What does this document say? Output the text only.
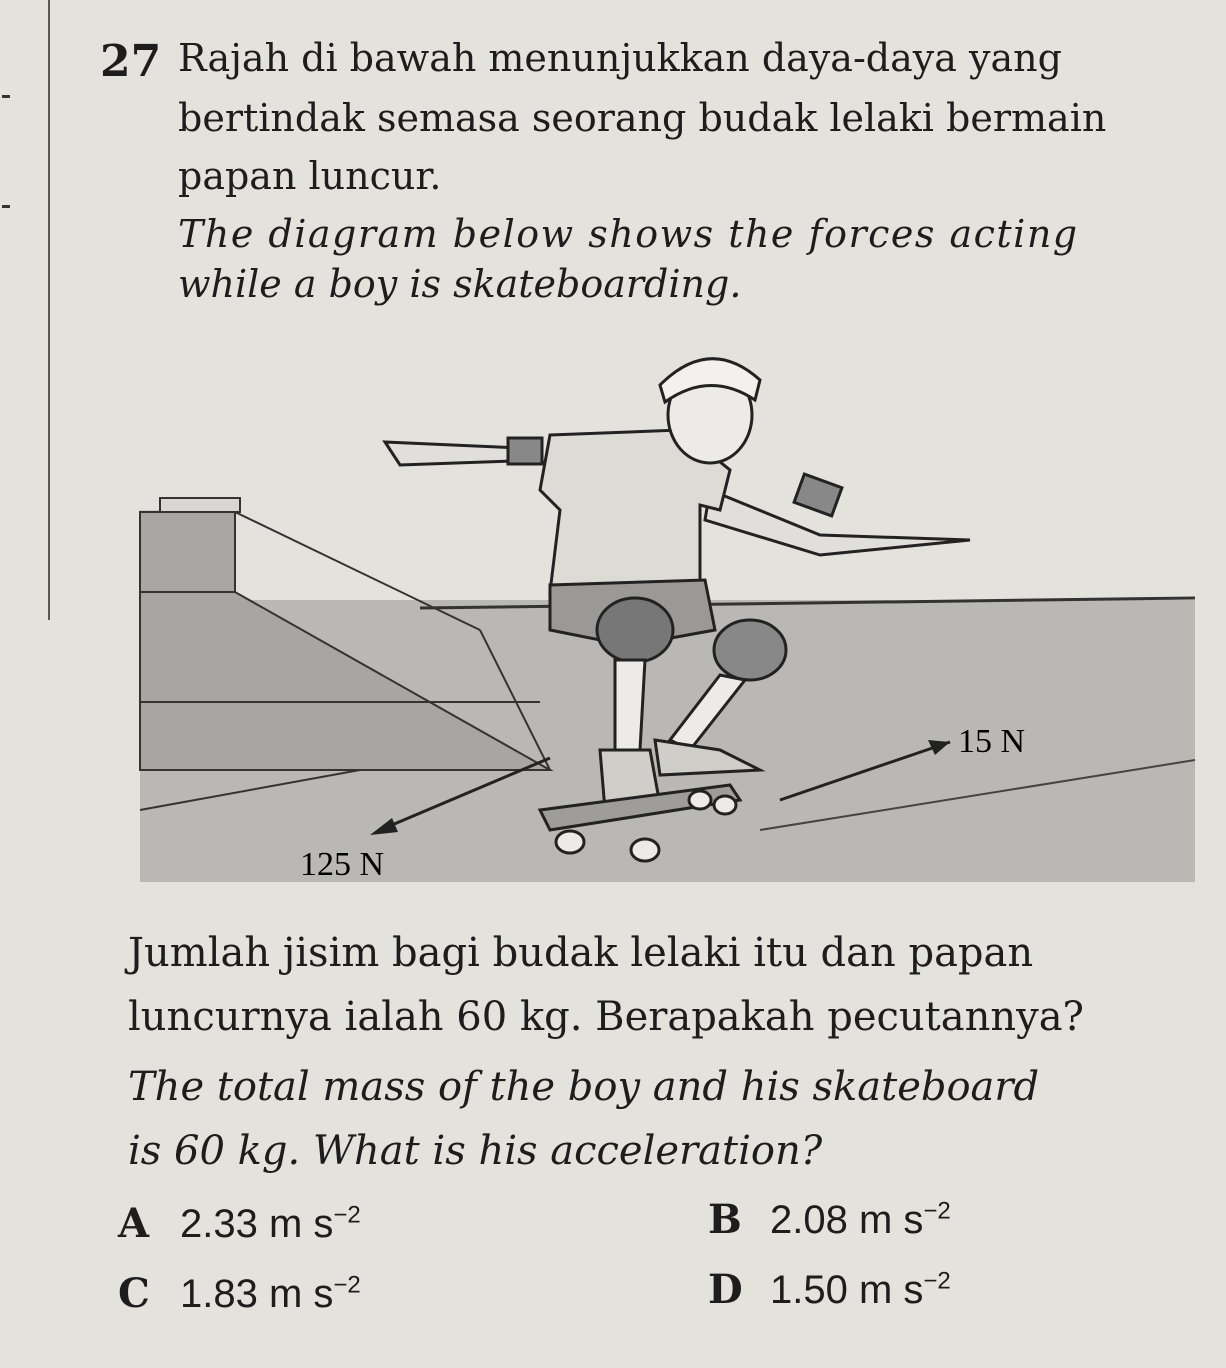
27 Rajah di bawah menunjukkan daya-daya yang
bertindak semasa seorang budak lelaki bermain
papan luncur.
The diagram below shows the forces acting
while a boy is skateboarding.
15 N
125 N
Jumlah jisim bagi budak lelaki itu dan papan
luncurnya ialah 60 kg. Berapakah pecutannya?
The total mass of the boy and his skateboard
is 60 kg. What is his acceleration?
A 2.33 m $s^{-2}$	B 2.08 m $s^{-2}$
C 1.83 m $s^{-2}$	D 1.50 m $s^{-2}$
